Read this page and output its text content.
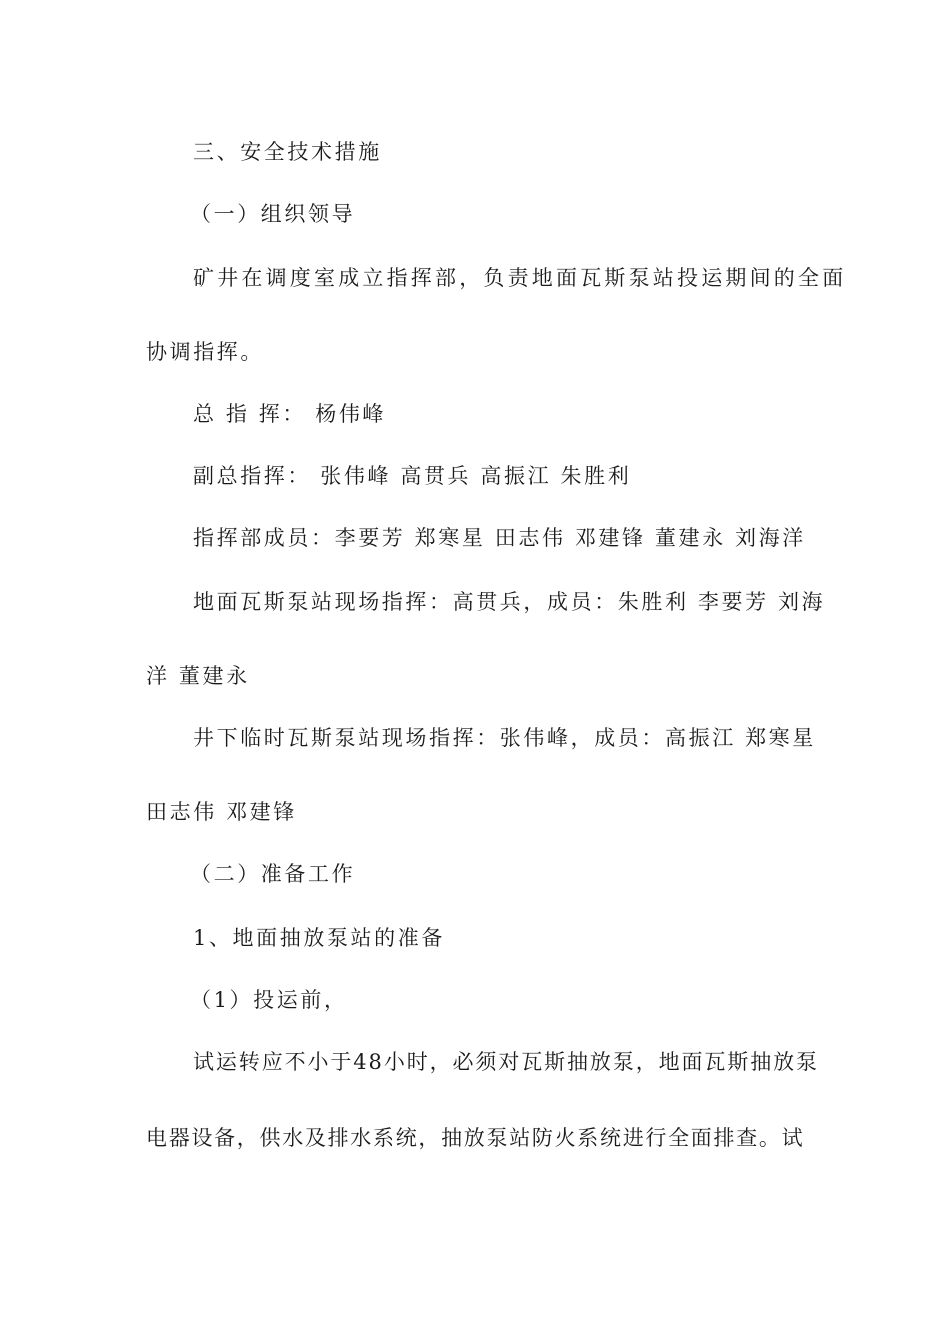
三、安全技术措施
（一）组织领导
矿井在调度室成立指挥部，负责地面瓦斯泵站投运期间的全面
协调指挥。
总 指 挥： 杨伟峰
副总指挥： 张伟峰 高贯兵 高振江 朱胜利
指挥部成员：李要芳 郑寒星 田志伟 邓建锋 董建永 刘海洋
地面瓦斯泵站现场指挥：高贯兵，成员：朱胜利 李要芳 刘海
洋 董建永
井下临时瓦斯泵站现场指挥：张伟峰，成员：高振江 郑寒星
田志伟 邓建锋
（二）准备工作
1、地面抽放泵站的准备
（1）投运前，
试运转应不小于48小时，必须对瓦斯抽放泵，地面瓦斯抽放泵
电器设备，供水及排水系统，抽放泵站防火系统进行全面排查。试
